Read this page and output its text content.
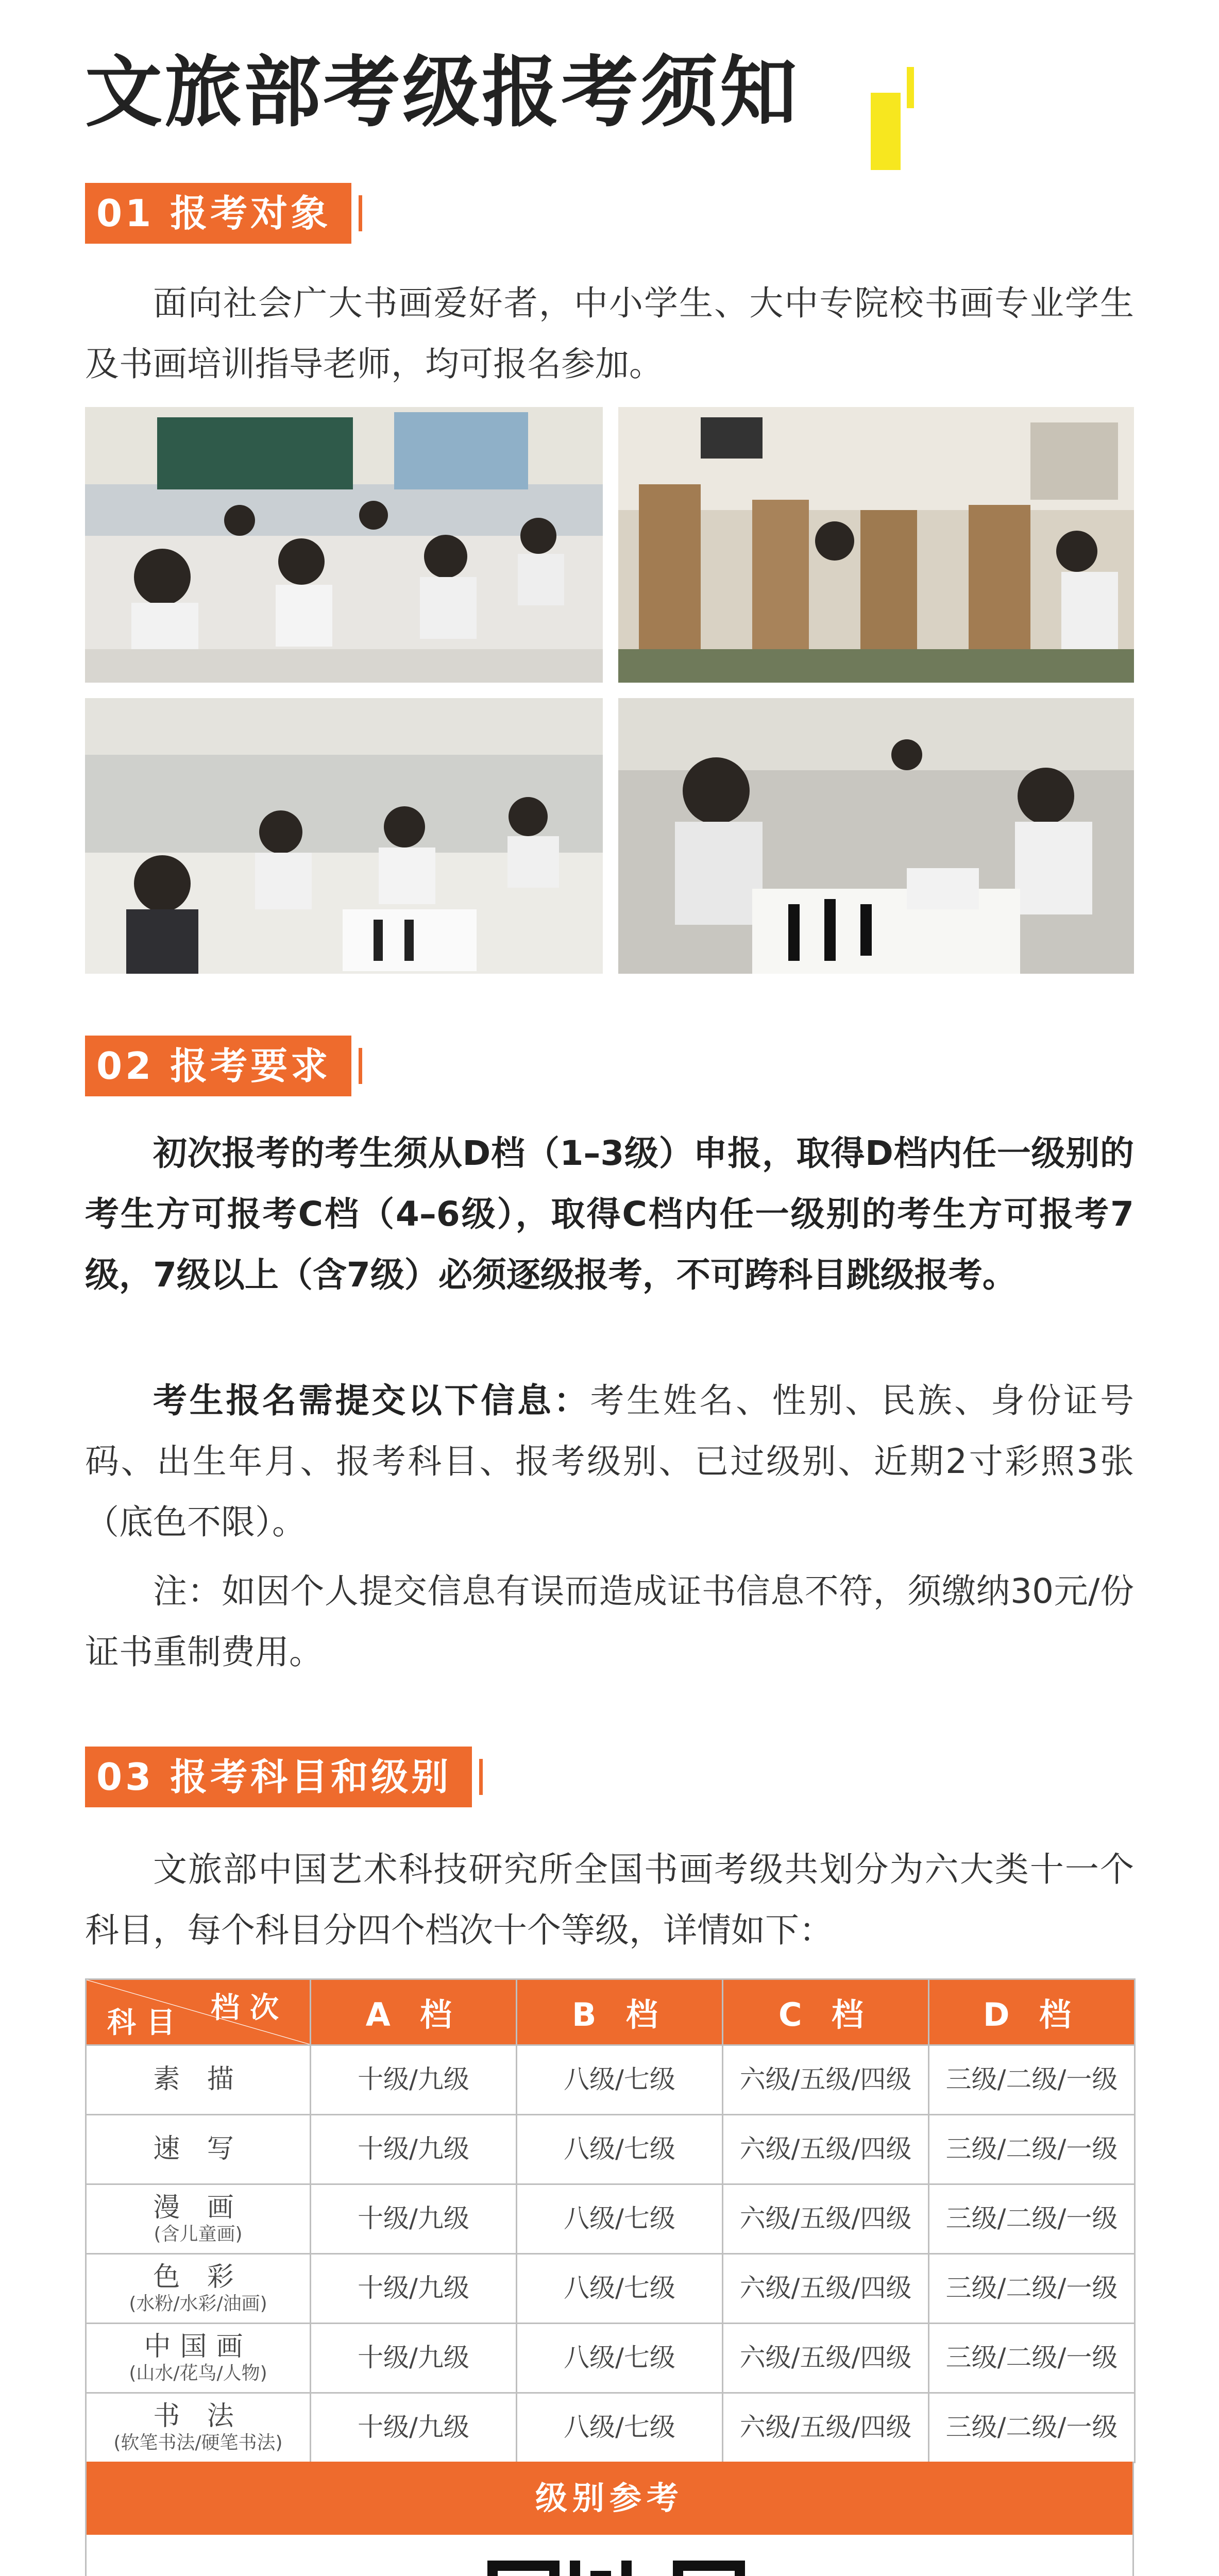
文旅部考级报考须知
01 报考对象
面向社会广大书画爱好者，中小学生、大中专院校书画专业学生及书画培训指导老师，均可报名参加。
02 报考要求
初次报考的考生须从D档（1–3级）申报，取得D档内任一级别的考生方可报考C档（4–6级），取得C档内任一级别的考生方可报考7级，7级以上（含7级）必须逐级报考，不可跨科目跳级报考。
考生报名需提交以下信息：考生姓名、性别、民族、身份证号码、出生年月、报考科目、报考级别、已过级别、近期2寸彩照3张（底色不限）。
注：如因个人提交信息有误而造成证书信息不符，须缴纳30元/份证书重制费用。
03 报考科目和级别
文旅部中国艺术科技研究所全国书画考级共划分为六大类十一个科目，每个科目分四个档次十个等级，详情如下：
档次
科目	A 档	B 档	C 档	D 档
素 描	十级/九级	八级/七级	六级/五级/四级	三级/二级/一级
速 写	十级/九级	八级/七级	六级/五级/四级	三级/二级/一级
漫 画
(含儿童画)	十级/九级	八级/七级	六级/五级/四级	三级/二级/一级
色 彩
(水粉/水彩/油画)	十级/九级	八级/七级	六级/五级/四级	三级/二级/一级
中国画
(山水/花鸟/人物)	十级/九级	八级/七级	六级/五级/四级	三级/二级/一级
书 法
(软笔书法/硬笔书法)	十级/九级	八级/七级	六级/五级/四级	三级/二级/一级
级别参考
